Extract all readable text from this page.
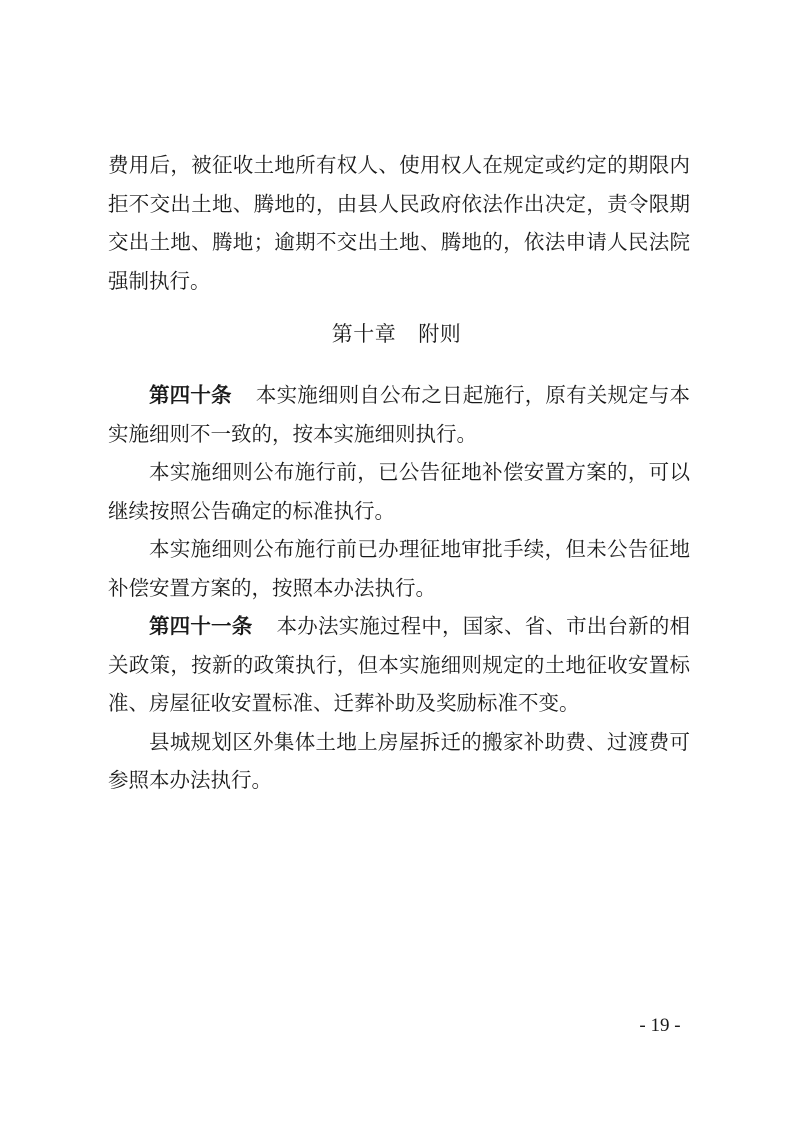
费用后，被征收土地所有权人、使用权人在规定或约定的期限内拒不交出土地、腾地的，由县人民政府依法作出决定，责令限期交出土地、腾地；逾期不交出土地、腾地的，依法申请人民法院强制执行。

第十章 附则

第四十条 本实施细则自公布之日起施行，原有关规定与本实施细则不一致的，按本实施细则执行。

本实施细则公布施行前，已公告征地补偿安置方案的，可以继续按照公告确定的标准执行。

本实施细则公布施行前已办理征地审批手续，但未公告征地补偿安置方案的，按照本办法执行。

第四十一条 本办法实施过程中，国家、省、市出台新的相关政策，按新的政策执行，但本实施细则规定的土地征收安置标准、房屋征收安置标准、迁葬补助及奖励标准不变。

县城规划区外集体土地上房屋拆迁的搬家补助费、过渡费可参照本办法执行。

- 19 -
